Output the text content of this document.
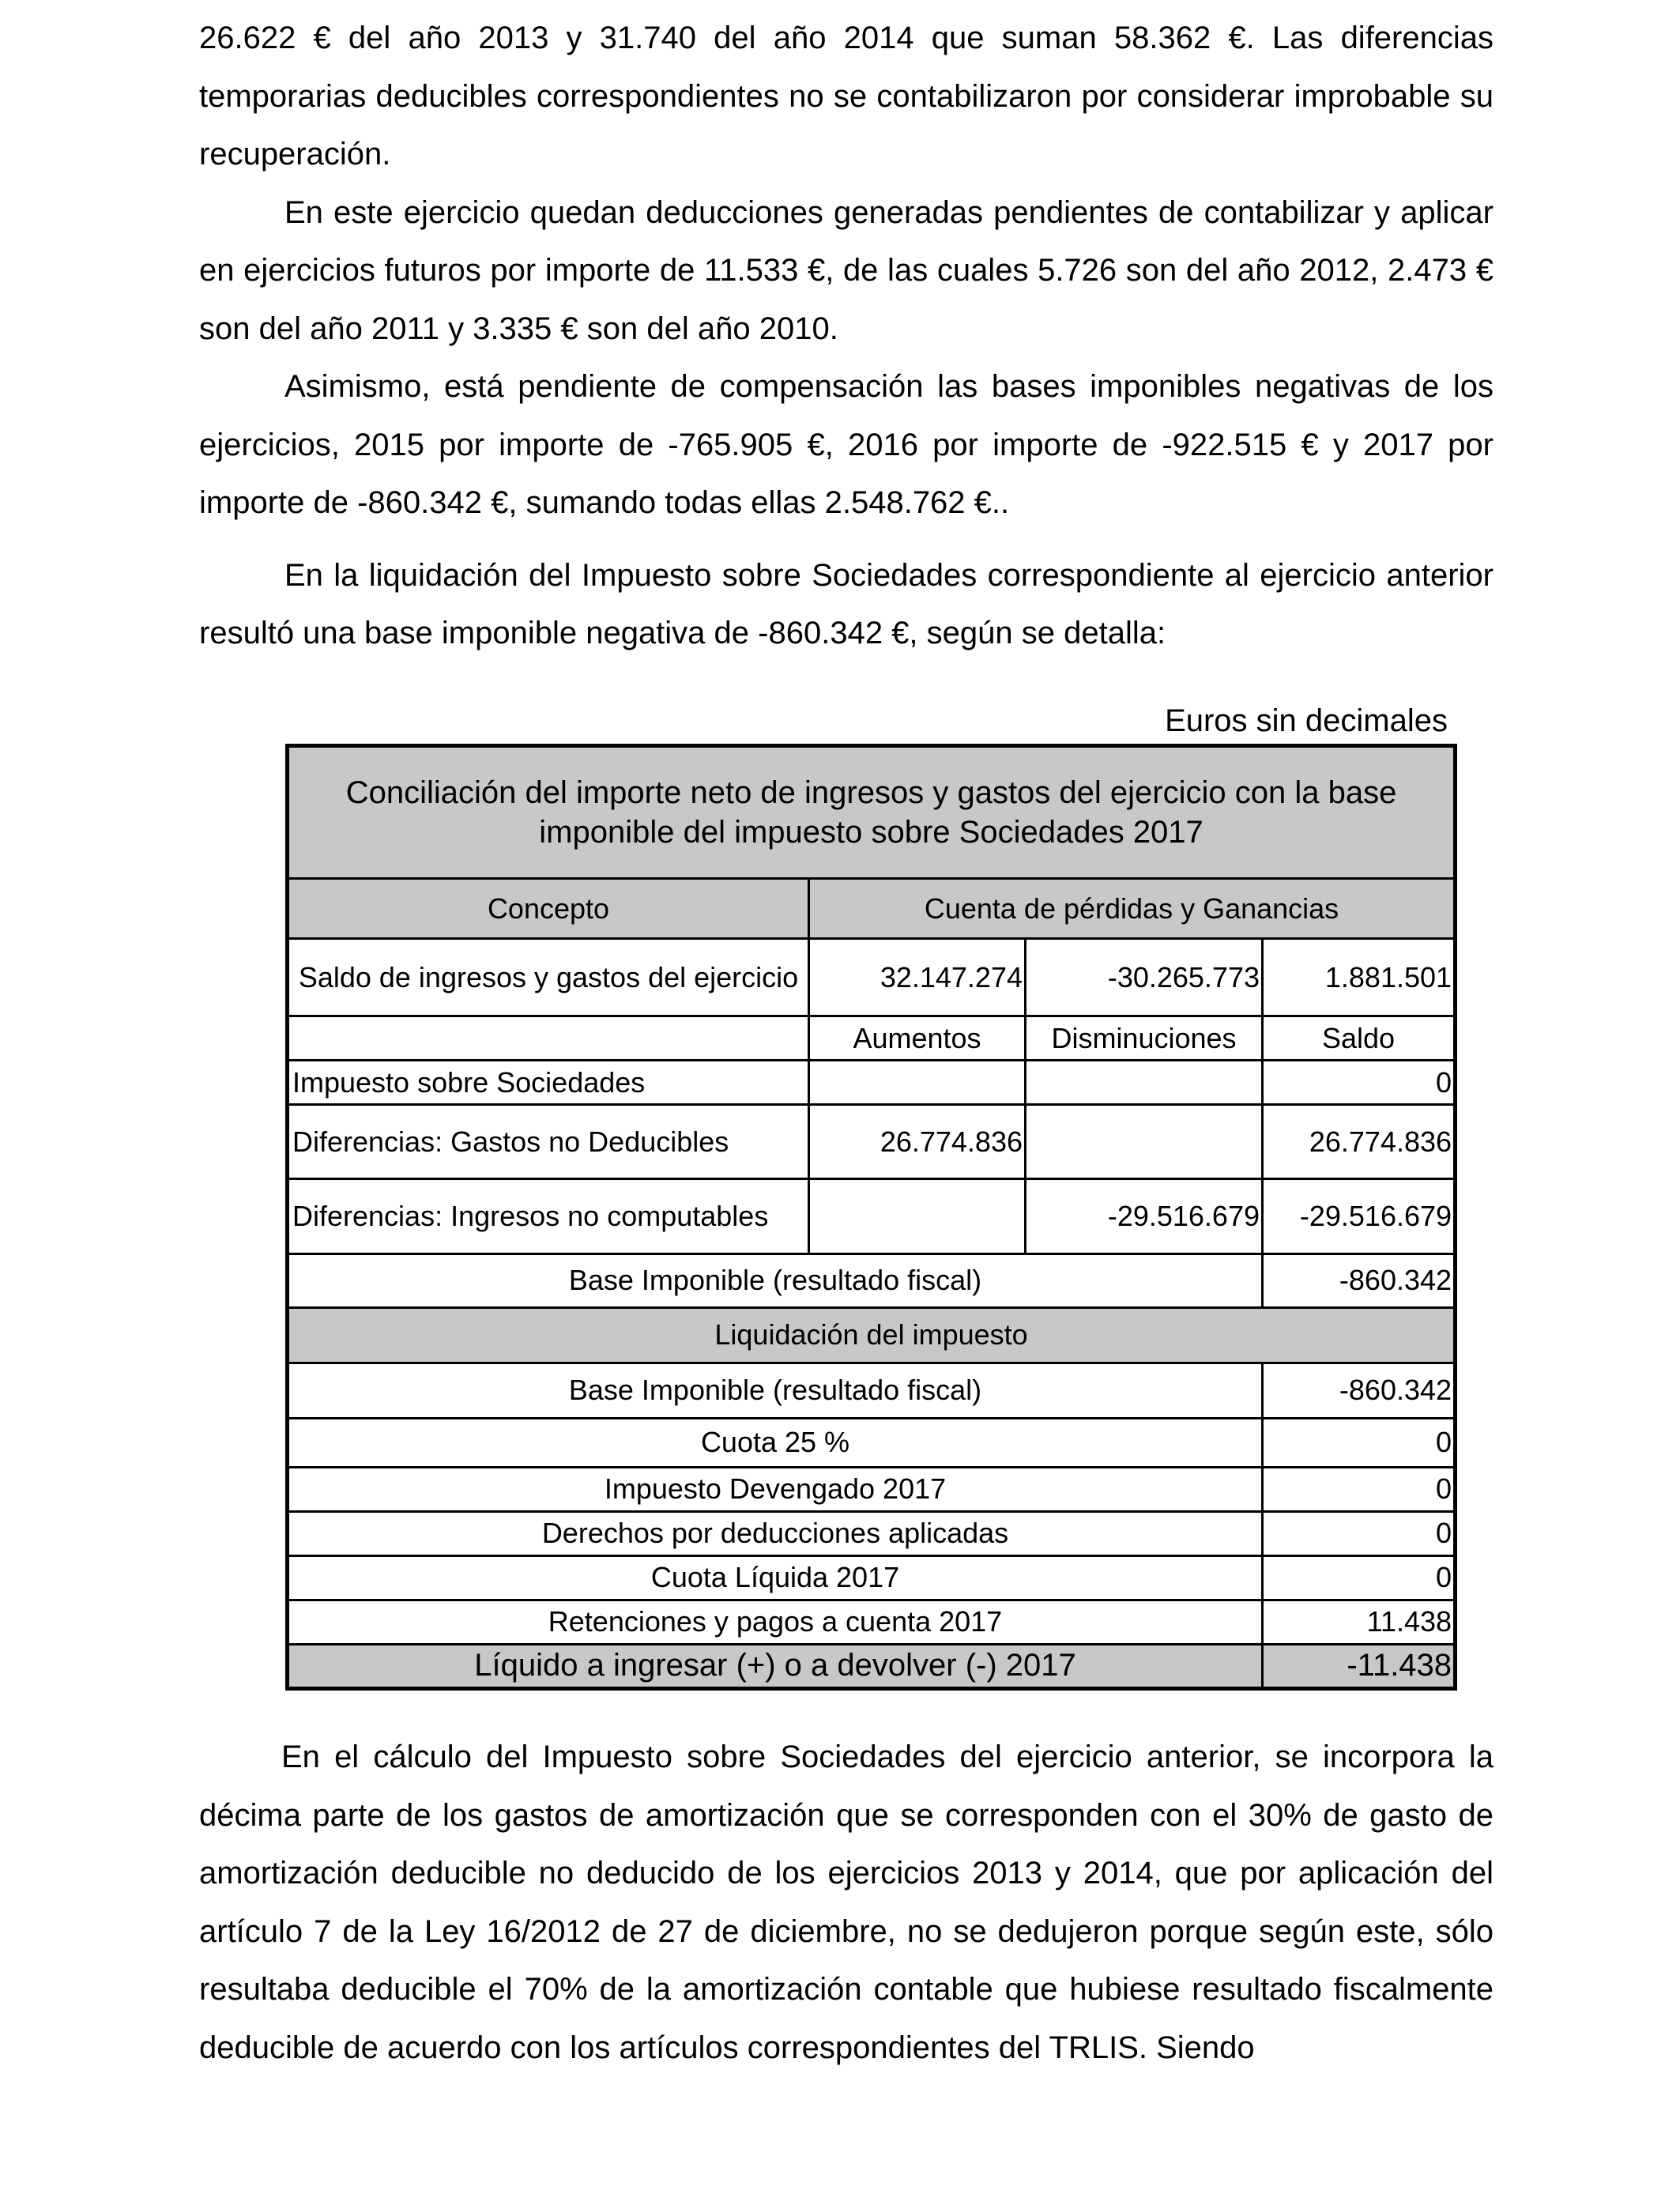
26.622 € del año 2013 y 31.740 del año 2014 que suman 58.362 €. Las diferencias temporarias deducibles correspondientes no se contabilizaron por considerar improbable su recuperación.

En este ejercicio quedan deducciones generadas pendientes de contabilizar y aplicar en ejercicios futuros por importe de 11.533 €, de las cuales 5.726 son del año 2012, 2.473 € son del año 2011 y 3.335 € son del año 2010.

Asimismo, está pendiente de compensación las bases imponibles negativas de los ejercicios, 2015 por importe de -765.905 €, 2016 por importe de -922.515 € y 2017 por importe de -860.342 €, sumando todas ellas 2.548.762 €..

En la liquidación del Impuesto sobre Sociedades correspondiente al ejercicio anterior resultó una base imponible negativa de -860.342 €, según se detalla:

Euros sin decimales
Conciliación del importe neto de ingresos y gastos del ejercicio con la base imponible del impuesto sobre Sociedades 2017			
Concepto	Cuenta de pérdidas y Ganancias		
Saldo de ingresos y gastos del ejercicio	32.147.274	-30.265.773	1.881.501
	Aumentos	Disminuciones	Saldo
Impuesto sobre Sociedades			0
Diferencias: Gastos no Deducibles	26.774.836		26.774.836
Diferencias: Ingresos no computables		-29.516.679	-29.516.679
Base Imponible (resultado fiscal)			-860.342
Liquidación del impuesto			
Base Imponible (resultado fiscal)			-860.342
Cuota 25 %			0
Impuesto Devengado 2017			0
Derechos por deducciones aplicadas			0
Cuota Líquida 2017			0
Retenciones y pagos a cuenta 2017			11.438
Líquido a ingresar (+) o a devolver (-) 2017			-11.438

En el cálculo del Impuesto sobre Sociedades del ejercicio anterior, se incorpora la décima parte de los gastos de amortización que se corresponden con el 30% de gasto de amortización deducible no deducido de los ejercicios 2013 y 2014, que por aplicación del artículo 7 de la Ley 16/2012 de 27 de diciembre, no se dedujeron porque según este, sólo resultaba deducible el 70% de la amortización contable que hubiese resultado fiscalmente deducible de acuerdo con los artículos correspondientes del TRLIS. Siendo
